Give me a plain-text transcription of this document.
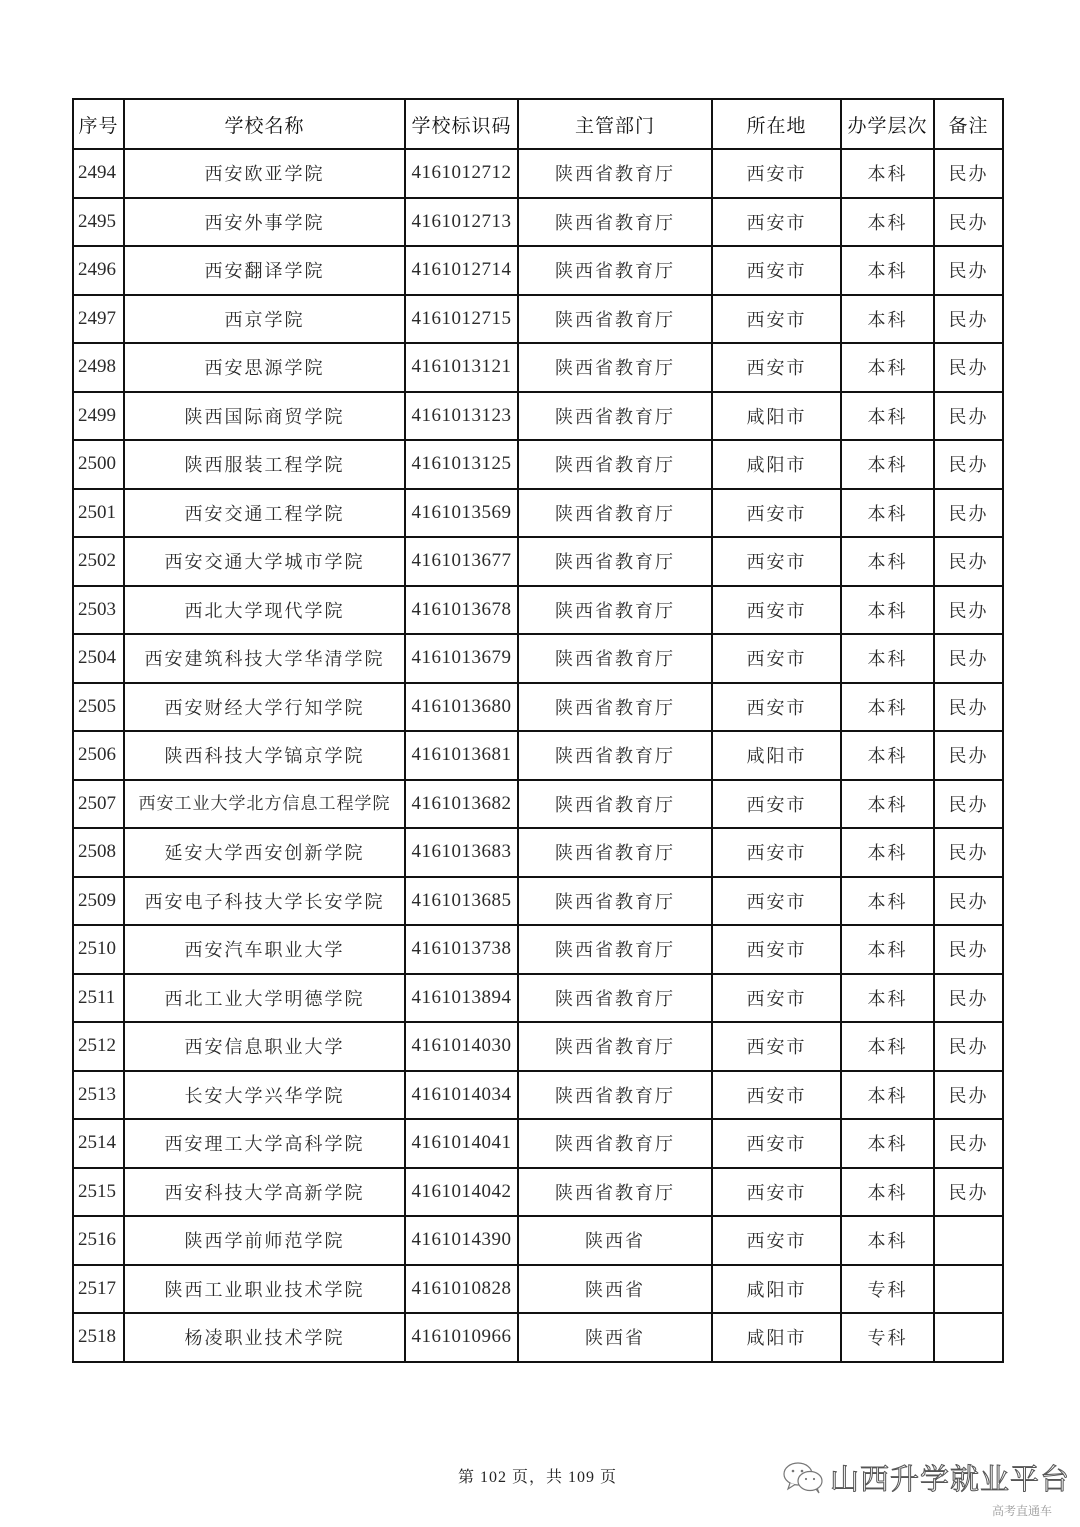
序号	学校名称	学校标识码	主管部门	所在地	办学层次	备注
2494	西安欧亚学院	4161012712	陕西省教育厅	西安市	本科	民办
2495	西安外事学院	4161012713	陕西省教育厅	西安市	本科	民办
2496	西安翻译学院	4161012714	陕西省教育厅	西安市	本科	民办
2497	西京学院	4161012715	陕西省教育厅	西安市	本科	民办
2498	西安思源学院	4161013121	陕西省教育厅	西安市	本科	民办
2499	陕西国际商贸学院	4161013123	陕西省教育厅	咸阳市	本科	民办
2500	陕西服装工程学院	4161013125	陕西省教育厅	咸阳市	本科	民办
2501	西安交通工程学院	4161013569	陕西省教育厅	西安市	本科	民办
2502	西安交通大学城市学院	4161013677	陕西省教育厅	西安市	本科	民办
2503	西北大学现代学院	4161013678	陕西省教育厅	西安市	本科	民办
2504	西安建筑科技大学华清学院	4161013679	陕西省教育厅	西安市	本科	民办
2505	西安财经大学行知学院	4161013680	陕西省教育厅	西安市	本科	民办
2506	陕西科技大学镐京学院	4161013681	陕西省教育厅	咸阳市	本科	民办
2507	西安工业大学北方信息工程学院	4161013682	陕西省教育厅	西安市	本科	民办
2508	延安大学西安创新学院	4161013683	陕西省教育厅	西安市	本科	民办
2509	西安电子科技大学长安学院	4161013685	陕西省教育厅	西安市	本科	民办
2510	西安汽车职业大学	4161013738	陕西省教育厅	西安市	本科	民办
2511	西北工业大学明德学院	4161013894	陕西省教育厅	西安市	本科	民办
2512	西安信息职业大学	4161014030	陕西省教育厅	西安市	本科	民办
2513	长安大学兴华学院	4161014034	陕西省教育厅	西安市	本科	民办
2514	西安理工大学高科学院	4161014041	陕西省教育厅	西安市	本科	民办
2515	西安科技大学高新学院	4161014042	陕西省教育厅	西安市	本科	民办
2516	陕西学前师范学院	4161014390	陕西省	西安市	本科	
2517	陕西工业职业技术学院	4161010828	陕西省	咸阳市	专科	
2518	杨凌职业技术学院	4161010966	陕西省	咸阳市	专科	
第 102 页，共 109 页	山西升学就业平台
高考直通车
